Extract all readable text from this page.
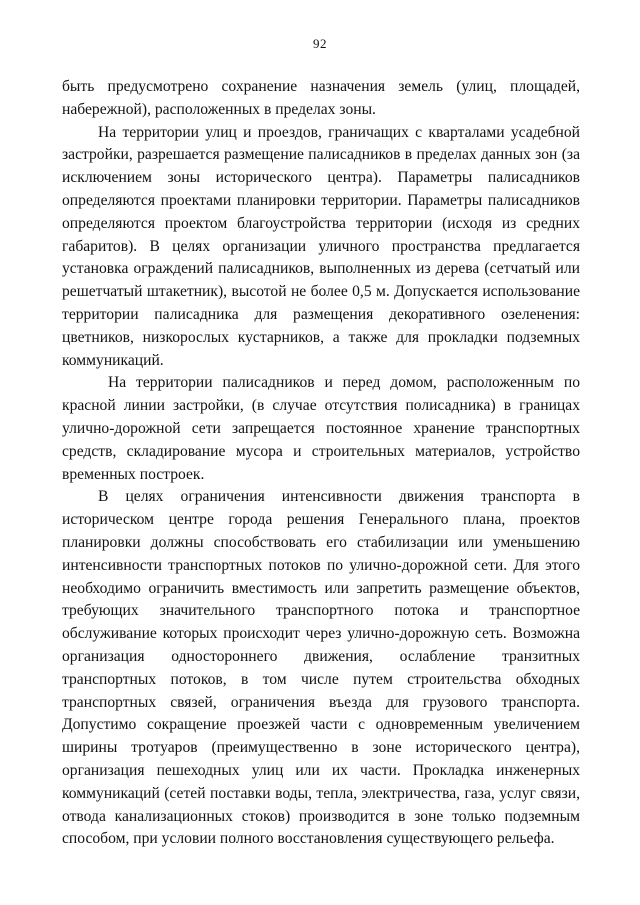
92

быть предусмотрено сохранение назначения земель (улиц, площадей, набережной), расположенных в пределах зоны.

На территории улиц и проездов, граничащих с кварталами усадебной застройки, разрешается размещение палисадников в пределах данных зон (за исключением зоны исторического центра). Параметры палисадников определяются проектами планировки территории. Параметры палисадников определяются проектом благоустройства территории (исходя из средних габаритов). В целях организации уличного пространства предлагается установка ограждений палисадников, выполненных из дерева (сетчатый или решетчатый штакетник), высотой не более 0,5 м. Допускается использование территории палисадника для размещения декоративного озеленения: цветников, низкорослых кустарников, а также для прокладки подземных коммуникаций.

На территории палисадников и перед домом, расположенным по красной линии застройки, (в случае отсутствия полисадника) в границах улично-дорожной сети запрещается постоянное хранение транспортных средств, складирование мусора и строительных материалов, устройство временных построек.

В целях ограничения интенсивности движения транспорта в историческом центре города решения Генерального плана, проектов планировки должны способствовать его стабилизации или уменьшению интенсивности транспортных потоков по улично-дорожной сети. Для этого необходимо ограничить вместимость или запретить размещение объектов, требующих значительного транспортного потока и транспортное обслуживание которых происходит через улично-дорожную сеть. Возможна организация одностороннего движения, ослабление транзитных транспортных потоков, в том числе путем строительства обходных транспортных связей, ограничения въезда для грузового транспорта. Допустимо сокращение проезжей части с одновременным увеличением ширины тротуаров (преимущественно в зоне исторического центра), организация пешеходных улиц или их части. Прокладка инженерных коммуникаций (сетей поставки воды, тепла, электричества, газа, услуг связи, отвода канализационных стоков) производится в зоне только подземным способом, при условии полного восстановления существующего рельефа.
